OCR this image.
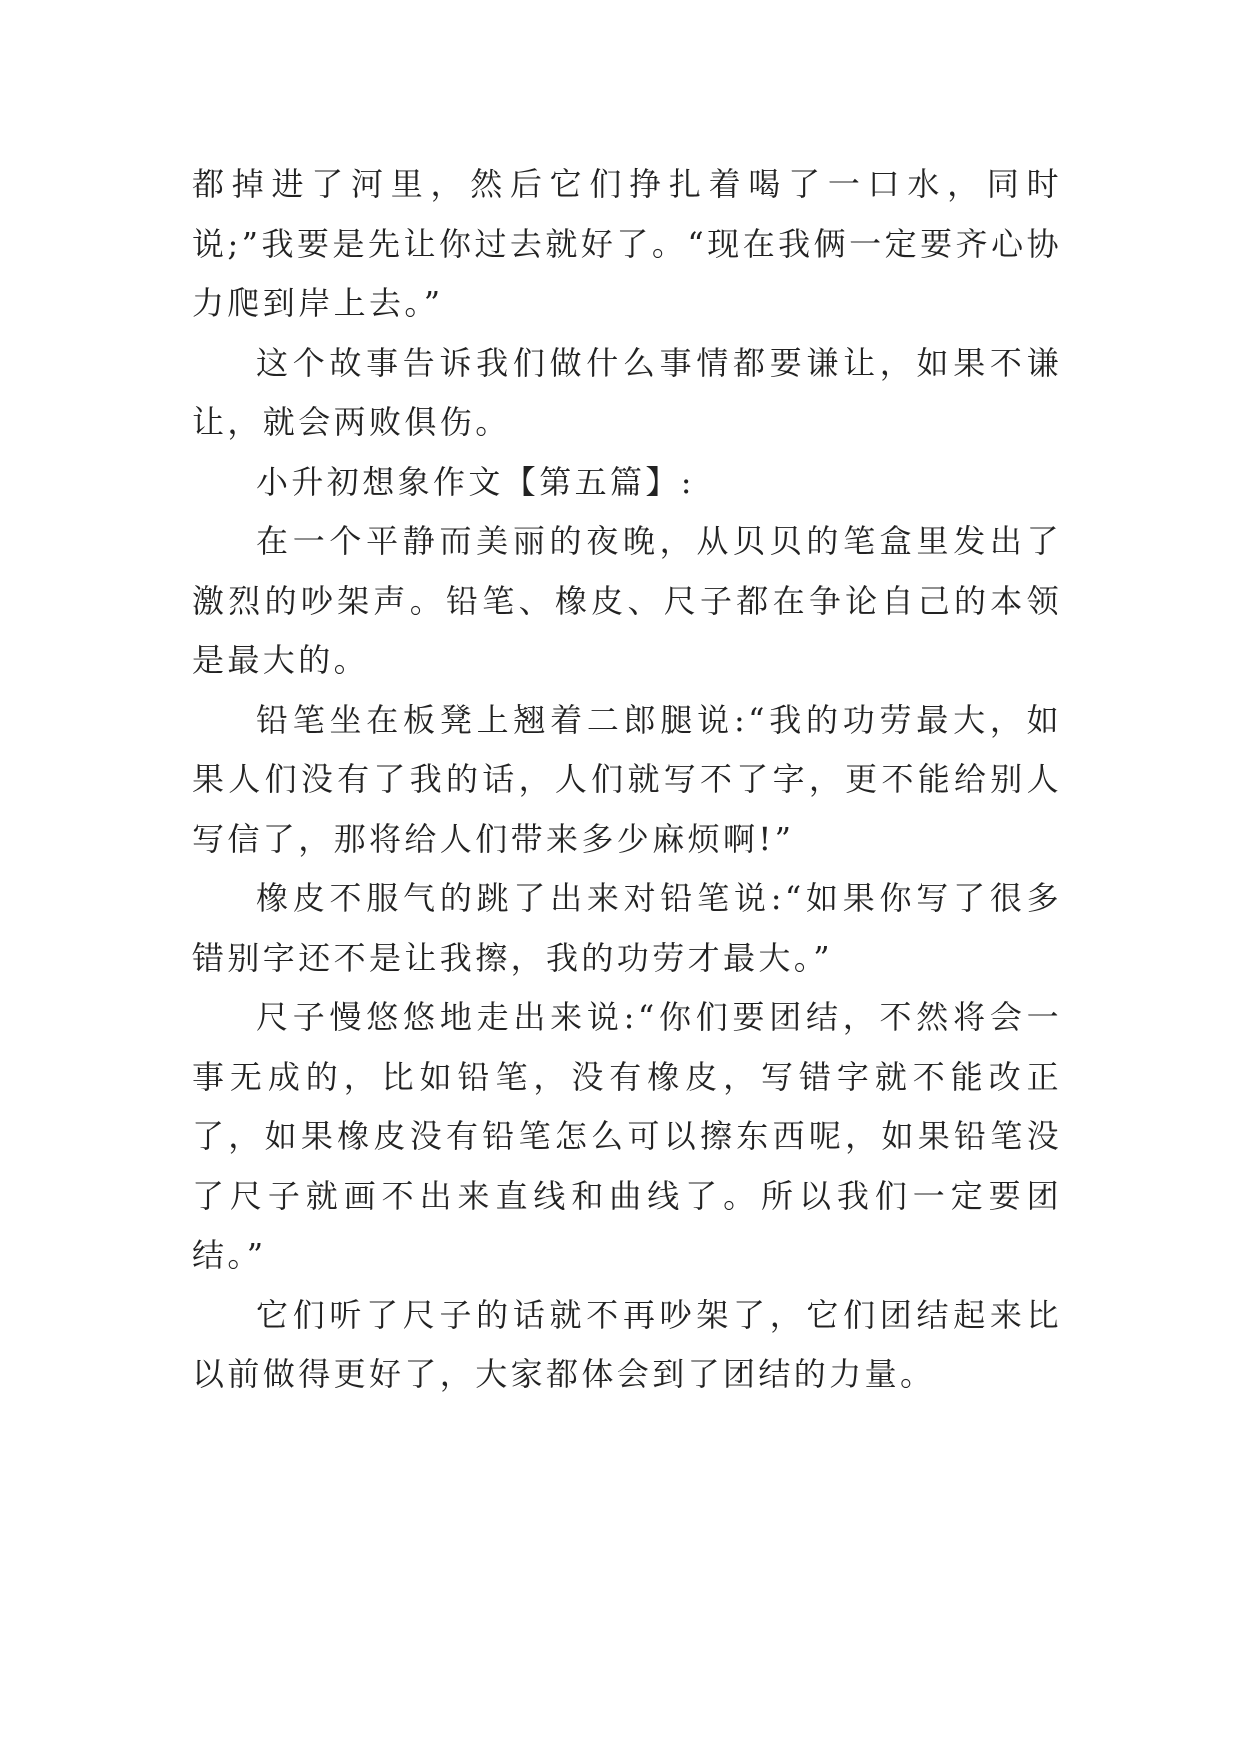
都掉进了河里，然后它们挣扎着喝了一口水，同时说;”我要是先让你过去就好了。“现在我俩一定要齐心协力爬到岸上去。”

这个故事告诉我们做什么事情都要谦让，如果不谦让，就会两败俱伤。

小升初想象作文【第五篇】:

在一个平静而美丽的夜晚，从贝贝的笔盒里发出了激烈的吵架声。铅笔、橡皮、尺子都在争论自己的本领是最大的。

铅笔坐在板凳上翘着二郎腿说:“我的功劳最大，如果人们没有了我的话，人们就写不了字，更不能给别人写信了，那将给人们带来多少麻烦啊!”

橡皮不服气的跳了出来对铅笔说:“如果你写了很多错别字还不是让我擦，我的功劳才最大。”

尺子慢悠悠地走出来说:“你们要团结，不然将会一事无成的，比如铅笔，没有橡皮，写错字就不能改正了，如果橡皮没有铅笔怎么可以擦东西呢，如果铅笔没了尺子就画不出来直线和曲线了。所以我们一定要团结。”

它们听了尺子的话就不再吵架了，它们团结起来比以前做得更好了，大家都体会到了团结的力量。
